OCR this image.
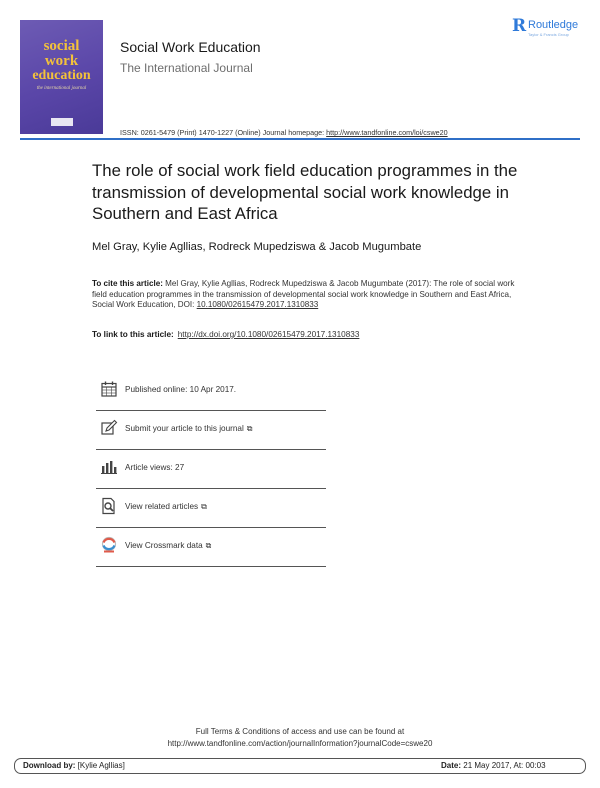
social
work
education
the international journal
Social Work Education
The International Journal
R Routledge
Taylor & Francis Group
ISSN: 0261-5479 (Print) 1470-1227 (Online) Journal homepage: http://www.tandfonline.com/loi/cswe20
The role of social work field education programmes in the transmission of developmental social work knowledge in Southern and East Africa
Mel Gray, Kylie Agllias, Rodreck Mupedziswa & Jacob Mugumbate
To cite this article: Mel Gray, Kylie Agllias, Rodreck Mupedziswa & Jacob Mugumbate (2017): The role of social work field education programmes in the transmission of developmental social work knowledge in Southern and East Africa, Social Work Education, DOI: 10.1080/02615479.2017.1310833
To link to this article: http://dx.doi.org/10.1080/02615479.2017.1310833
Published online: 10 Apr 2017.
Submit your article to this journal ⧉
Article views: 27
View related articles ⧉
View Crossmark data ⧉
Full Terms & Conditions of access and use can be found at
http://www.tandfonline.com/action/journalInformation?journalCode=cswe20
Download by: [Kylie Agllias]	Date: 21 May 2017, At: 00:03
